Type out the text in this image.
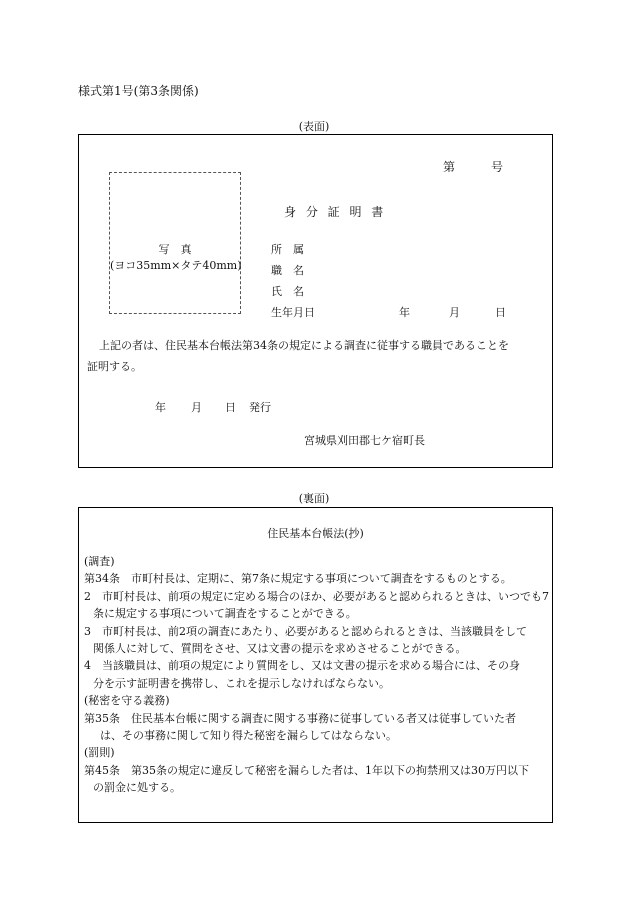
様式第1号(第3条関係)
(表面)
第	号
写　真
(ヨコ35mm×タテ40mm)
身 分 証 明 書
所　属
職　名
氏　名
生年月日	年	月	日
上記の者は、住民基本台帳法第34条の規定による調査に従事する職員であることを
証明する。
年 月 日 発行
宮城県刈田郡七ケ宿町長
(裏面)
住民基本台帳法(抄)
(調査)
第34条　市町村長は、定期に、第7条に規定する事項について調査をするものとする。
2　市町村長は、前項の規定に定める場合のほか、必要があると認められるときは、いつでも7
条に規定する事項について調査をすることができる。
3　市町村長は、前2項の調査にあたり、必要があると認められるときは、当該職員をして
関係人に対して、質問をさせ、又は文書の提示を求めさせることができる。
4　当該職員は、前項の規定により質問をし、又は文書の提示を求める場合には、その身
分を示す証明書を携帯し、これを提示しなければならない。
(秘密を守る義務)
第35条　住民基本台帳に関する調査に関する事務に従事している者又は従事していた者
は、その事務に関して知り得た秘密を漏らしてはならない。
(罰則)
第45条　第35条の規定に違反して秘密を漏らした者は、1年以下の拘禁刑又は30万円以下
の罰金に処する。
